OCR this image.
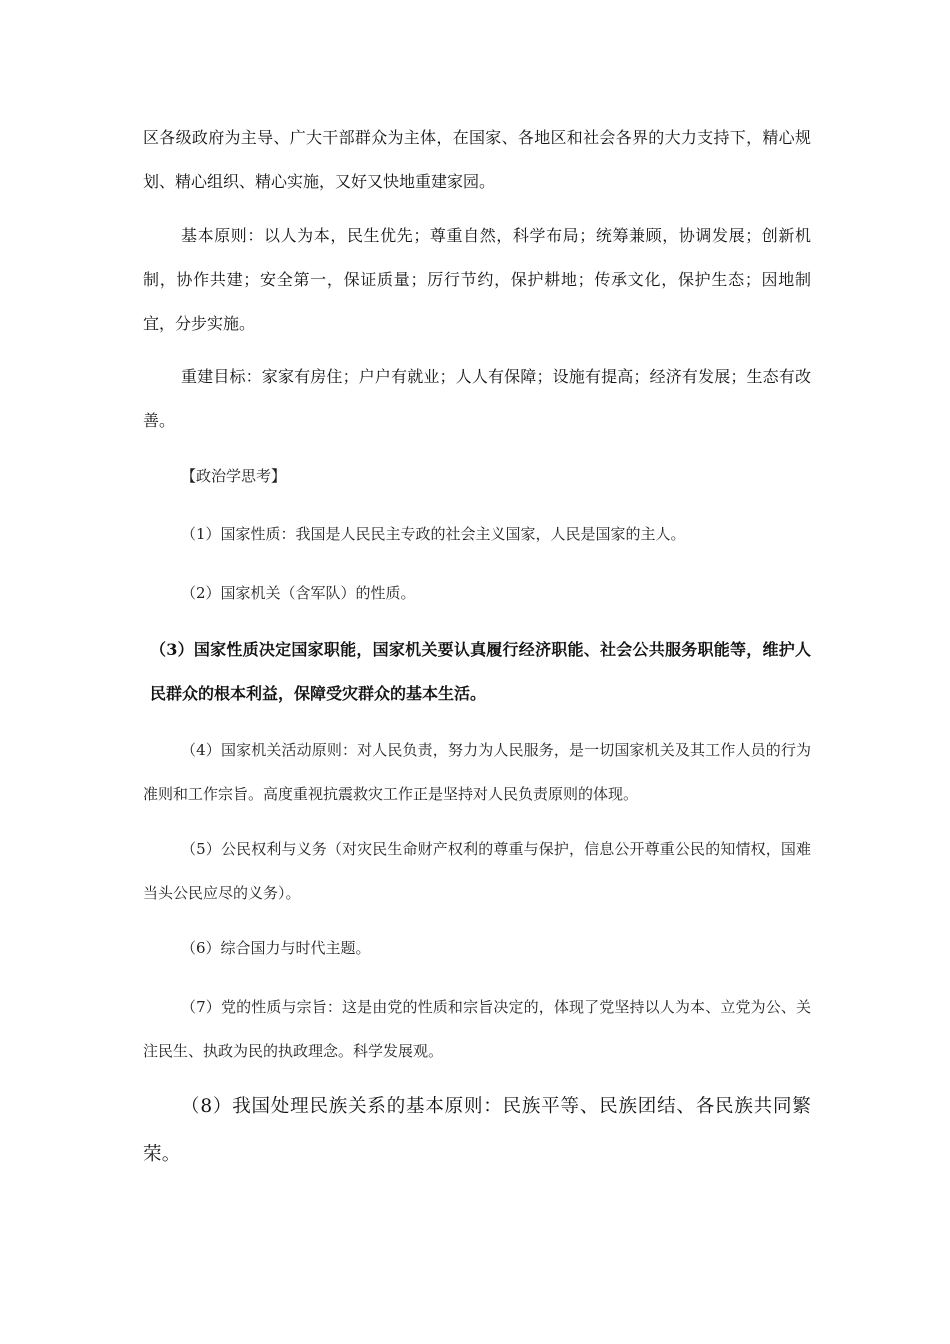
区各级政府为主导、广大干部群众为主体，在国家、各地区和社会各界的大力支持下，精心规划、精心组织、精心实施，又好又快地重建家园。

基本原则：以人为本，民生优先；尊重自然，科学布局；统筹兼顾，协调发展；创新机制，协作共建；安全第一，保证质量；厉行节约，保护耕地；传承文化，保护生态；因地制宜，分步实施。

重建目标：家家有房住；户户有就业；人人有保障；设施有提高；经济有发展；生态有改善。

【政治学思考】

（1）国家性质：我国是人民民主专政的社会主义国家，人民是国家的主人。

（2）国家机关（含军队）的性质。

（3）国家性质决定国家职能，国家机关要认真履行经济职能、社会公共服务职能等，维护人民群众的根本利益，保障受灾群众的基本生活。

（4）国家机关活动原则：对人民负责，努力为人民服务，是一切国家机关及其工作人员的行为准则和工作宗旨。高度重视抗震救灾工作正是坚持对人民负责原则的体现。

（5）公民权利与义务（对灾民生命财产权利的尊重与保护，信息公开尊重公民的知情权，国难当头公民应尽的义务）。

（6）综合国力与时代主题。

（7）党的性质与宗旨：这是由党的性质和宗旨决定的，体现了党坚持以人为本、立党为公、关注民生、执政为民的执政理念。科学发展观。

（8）我国处理民族关系的基本原则：民族平等、民族团结、各民族共同繁荣。
